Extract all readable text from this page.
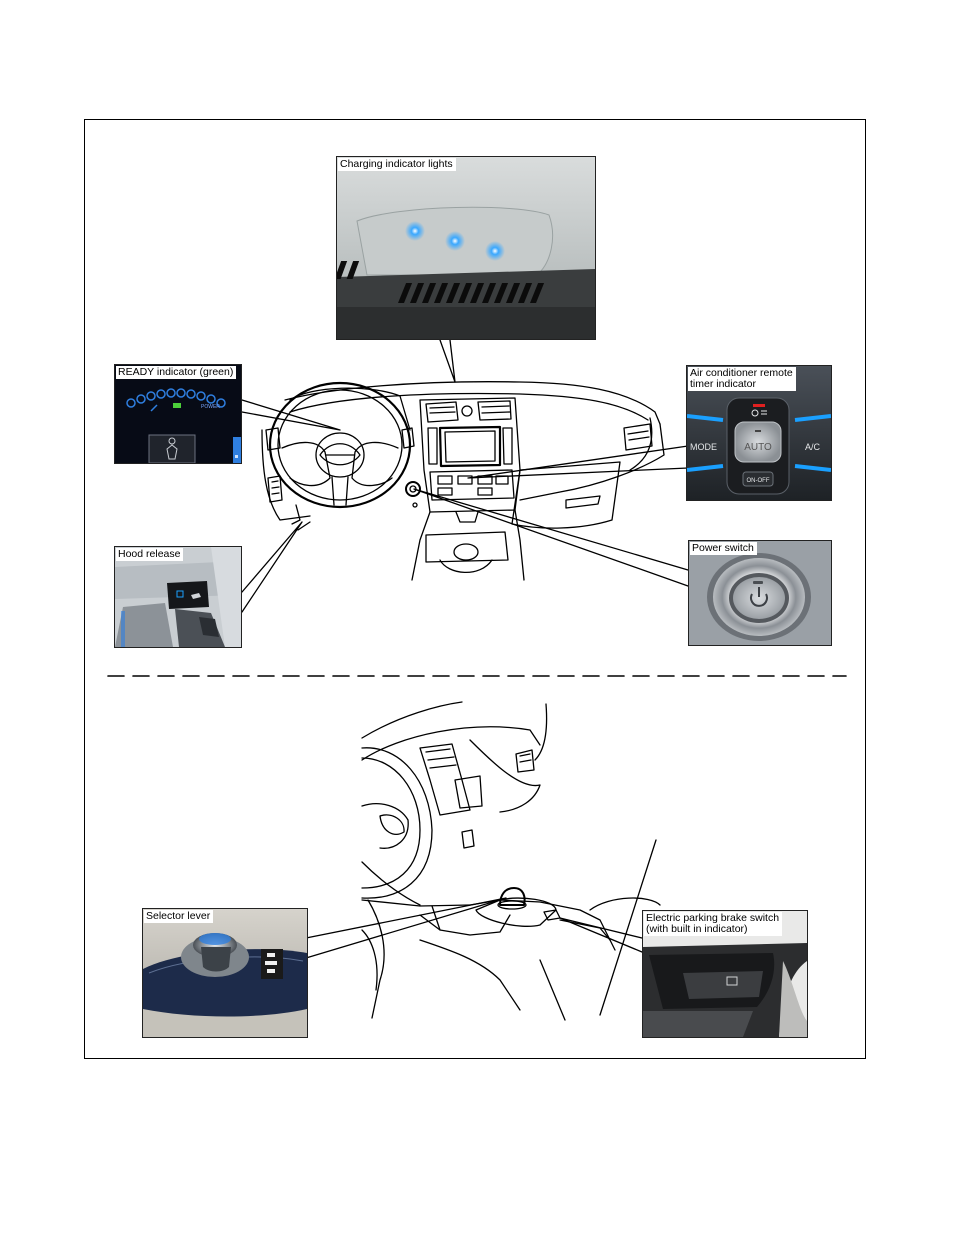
Charging indicator lights
POWER
READY indicator (green)
AUTO
ON-OFF
MODE	A/C
Air conditioner remote
timer indicator
Hood release	Power switch
Selector lever	Electric parking brake switch
(with built in indicator)
